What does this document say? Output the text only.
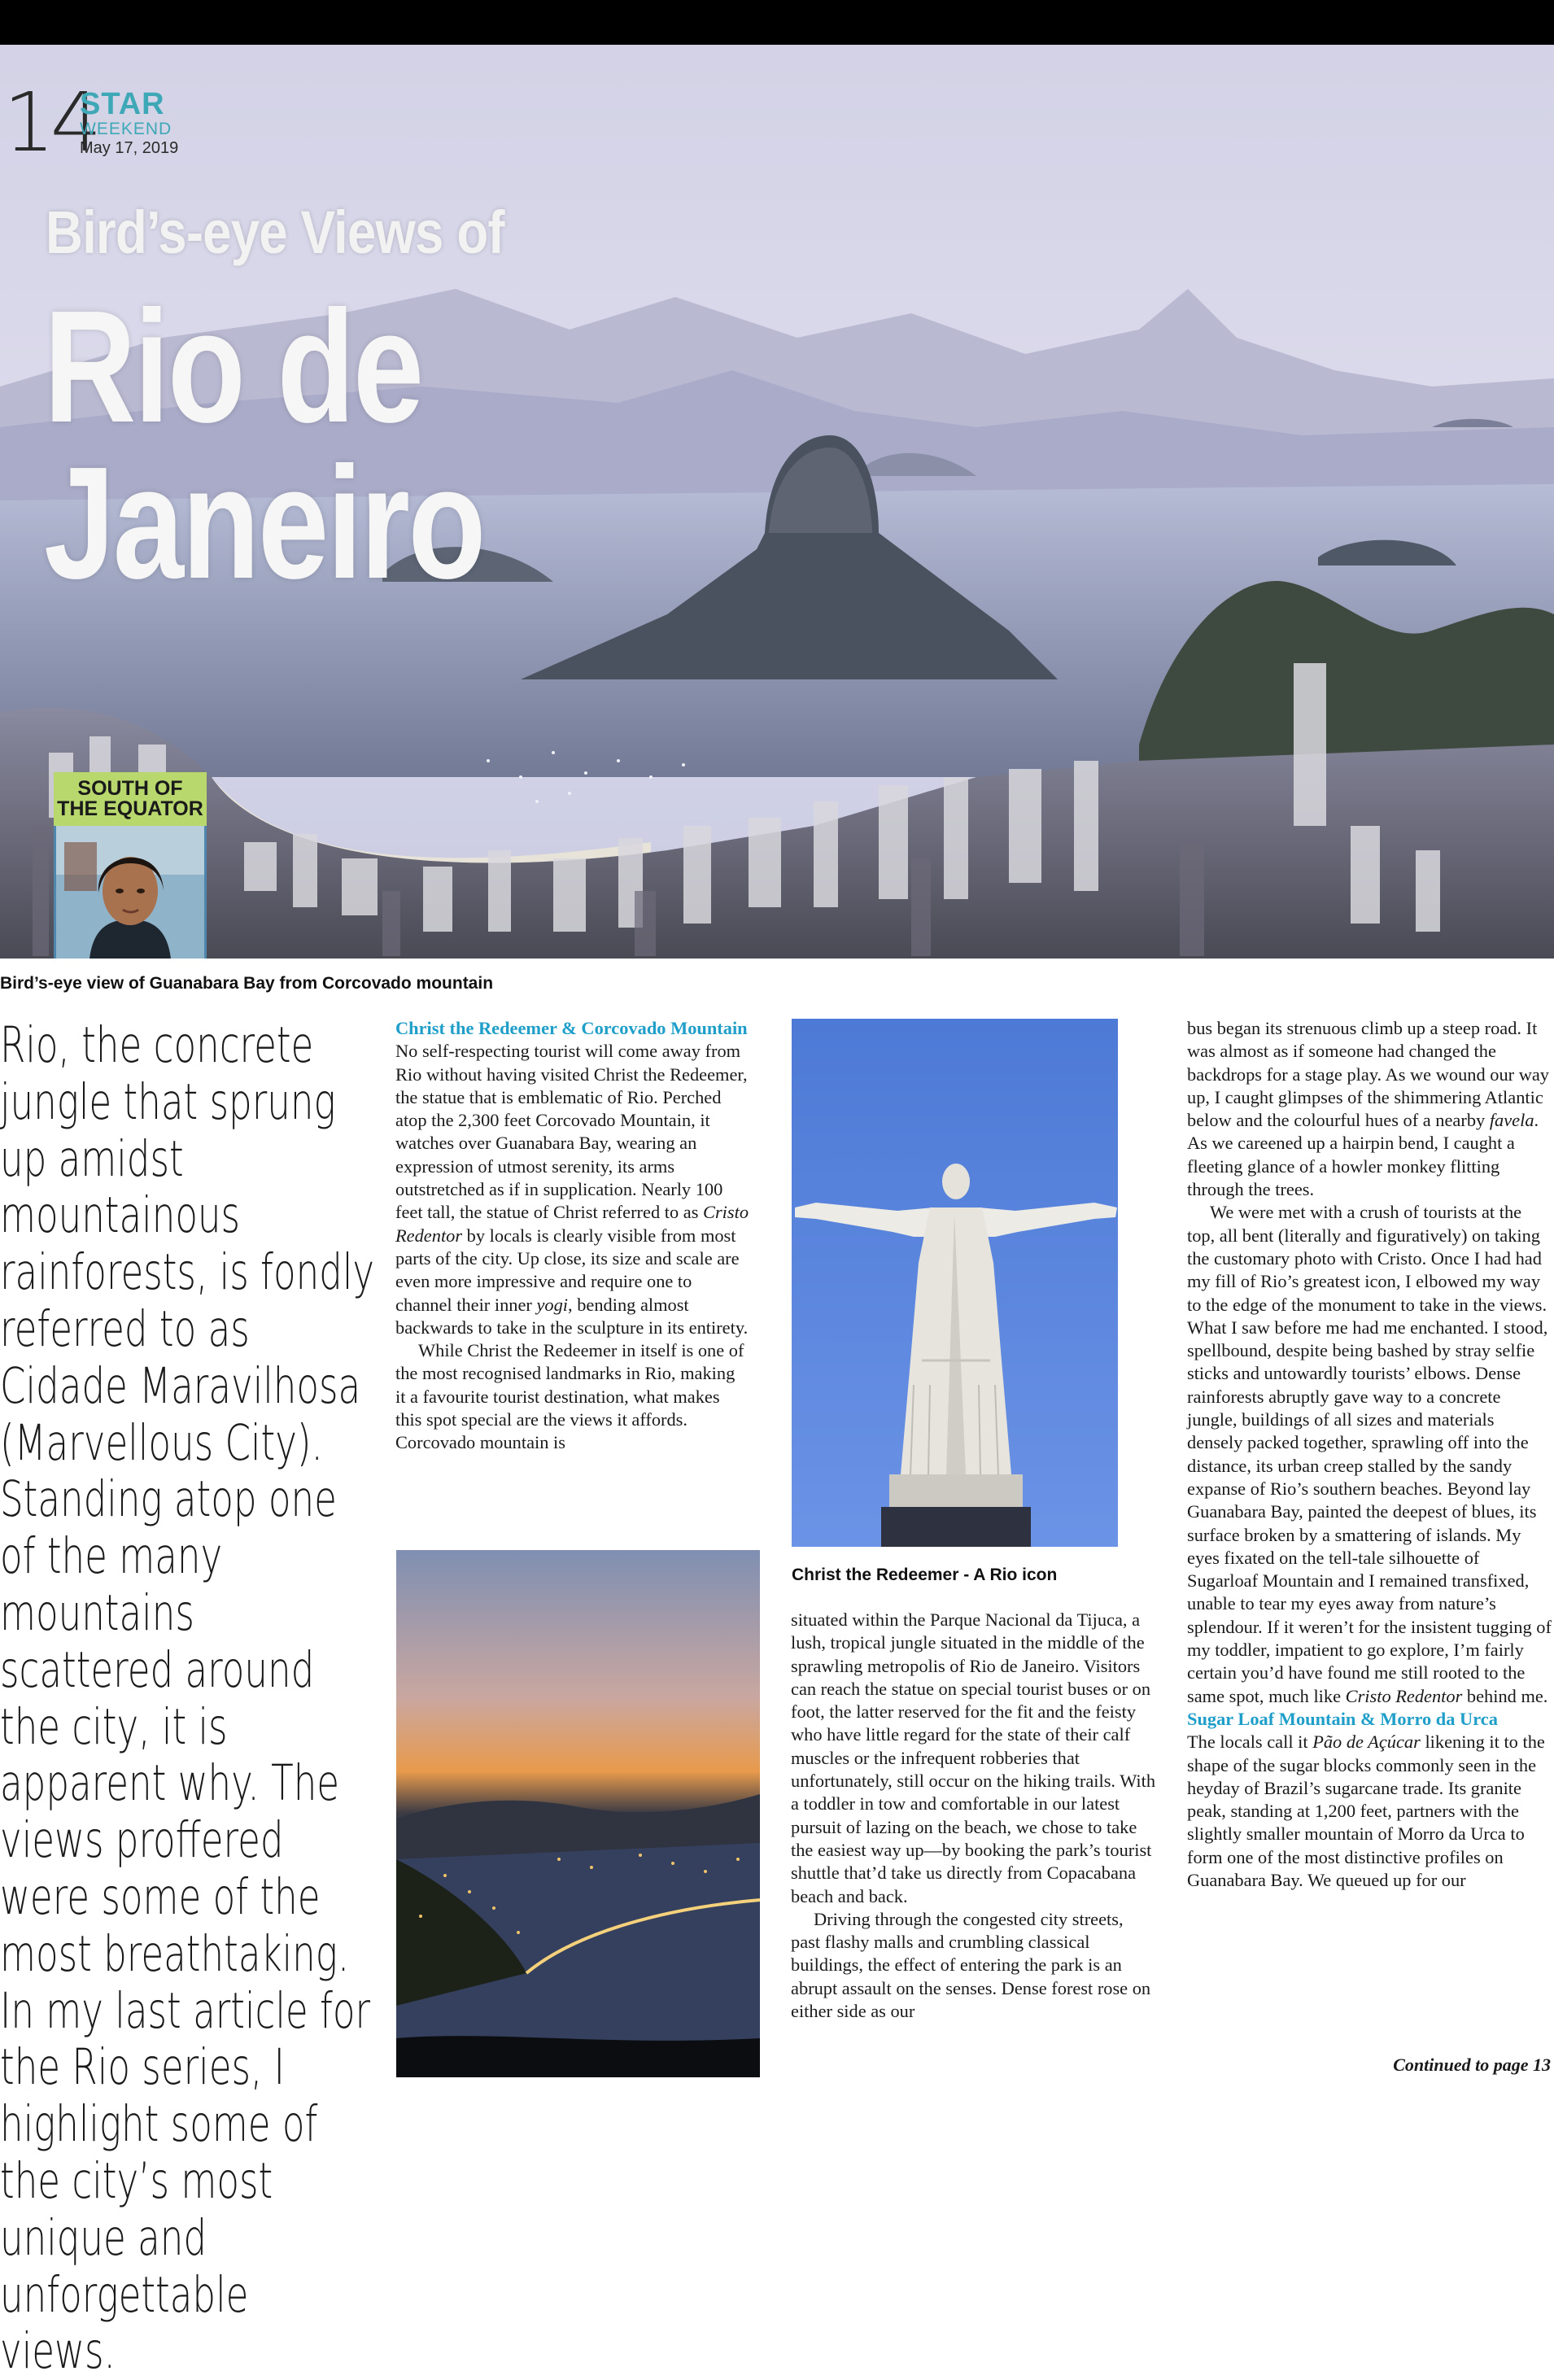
14
STAR
WEEKEND
May 17, 2019
Bird’s-eye Views of
Rio de
Janeiro
SOUTH OF
THE EQUATOR
Bird’s-eye view of Guanabara Bay from Corcovado mountain

Rio, the concrete jungle that sprung up amidst mountainous rainforests, is fondly referred to as Cidade Maravilhosa (Marvellous City). Standing atop one of the many mountains scattered around the city, it is apparent why. The views proffered were some of the most breathtaking. In my last article for the Rio series, I highlight some of the city’s most unique and unforgettable views.

Christ the Redeemer & Corcovado Mountain

No self-respecting tourist will come away from Rio without having visited Christ the Redeemer, the statue that is emblematic of Rio. Perched atop the 2,300 feet Corcovado Mountain, it watches over Guanabara Bay, wearing an expression of utmost serenity, its arms outstretched as if in supplication. Nearly 100 feet tall, the statue of Christ referred to as Cristo Redentor by locals is clearly visible from most parts of the city. Up close, its size and scale are even more impressive and require one to channel their inner yogi, bending almost backwards to take in the sculpture in its entirety.

While Christ the Redeemer in itself is one of the most recognised landmarks in Rio, making it a favourite tourist destination, what makes this spot special are the views it affords. Corcovado mountain is

Christ the Redeemer - A Rio icon

situated within the Parque Nacional da Tijuca, a lush, tropical jungle situated in the middle of the sprawling metropolis of Rio de Janeiro. Visitors can reach the statue on special tourist buses or on foot, the latter reserved for the fit and the feisty who have little regard for the state of their calf muscles or the infrequent robberies that unfortunately, still occur on the hiking trails. With a toddler in tow and comfortable in our latest pursuit of lazing on the beach, we chose to take the easiest way up—by booking the park’s tourist shuttle that’d take us directly from Copacabana beach and back.

Driving through the congested city streets, past flashy malls and crumbling classical buildings, the effect of entering the park is an abrupt assault on the senses. Dense forest rose on either side as our

bus began its strenuous climb up a steep road. It was almost as if someone had changed the backdrops for a stage play. As we wound our way up, I caught glimpses of the shimmering Atlantic below and the colourful hues of a nearby favela. As we careened up a hairpin bend, I caught a fleeting glance of a howler monkey flitting through the trees.

We were met with a crush of tourists at the top, all bent (literally and figuratively) on taking the customary photo with Cristo. Once I had had my fill of Rio’s greatest icon, I elbowed my way to the edge of the monument to take in the views. What I saw before me had me enchanted. I stood, spellbound, despite being bashed by stray selfie sticks and untowardly tourists’ elbows. Dense rainforests abruptly gave way to a concrete jungle, buildings of all sizes and materials densely packed together, sprawling off into the distance, its urban creep stalled by the sandy expanse of Rio’s southern beaches. Beyond lay Guanabara Bay, painted the deepest of blues, its surface broken by a smattering of islands. My eyes fixated on the tell-tale silhouette of Sugarloaf Mountain and I remained transfixed, unable to tear my eyes away from nature’s splendour. If it weren’t for the insistent tugging of my toddler, impatient to go explore, I’m fairly certain you’d have found me still rooted to the same spot, much like Cristo Redentor behind me.

Sugar Loaf Mountain & Morro da Urca

The locals call it Pão de Açúcar likening it to the shape of the sugar blocks commonly seen in the heyday of Brazil’s sugarcane trade. Its granite peak, standing at 1,200 feet, partners with the slightly smaller mountain of Morro da Urca to form one of the most distinctive profiles on Guanabara Bay. We queued up for our

Continued to page 13
